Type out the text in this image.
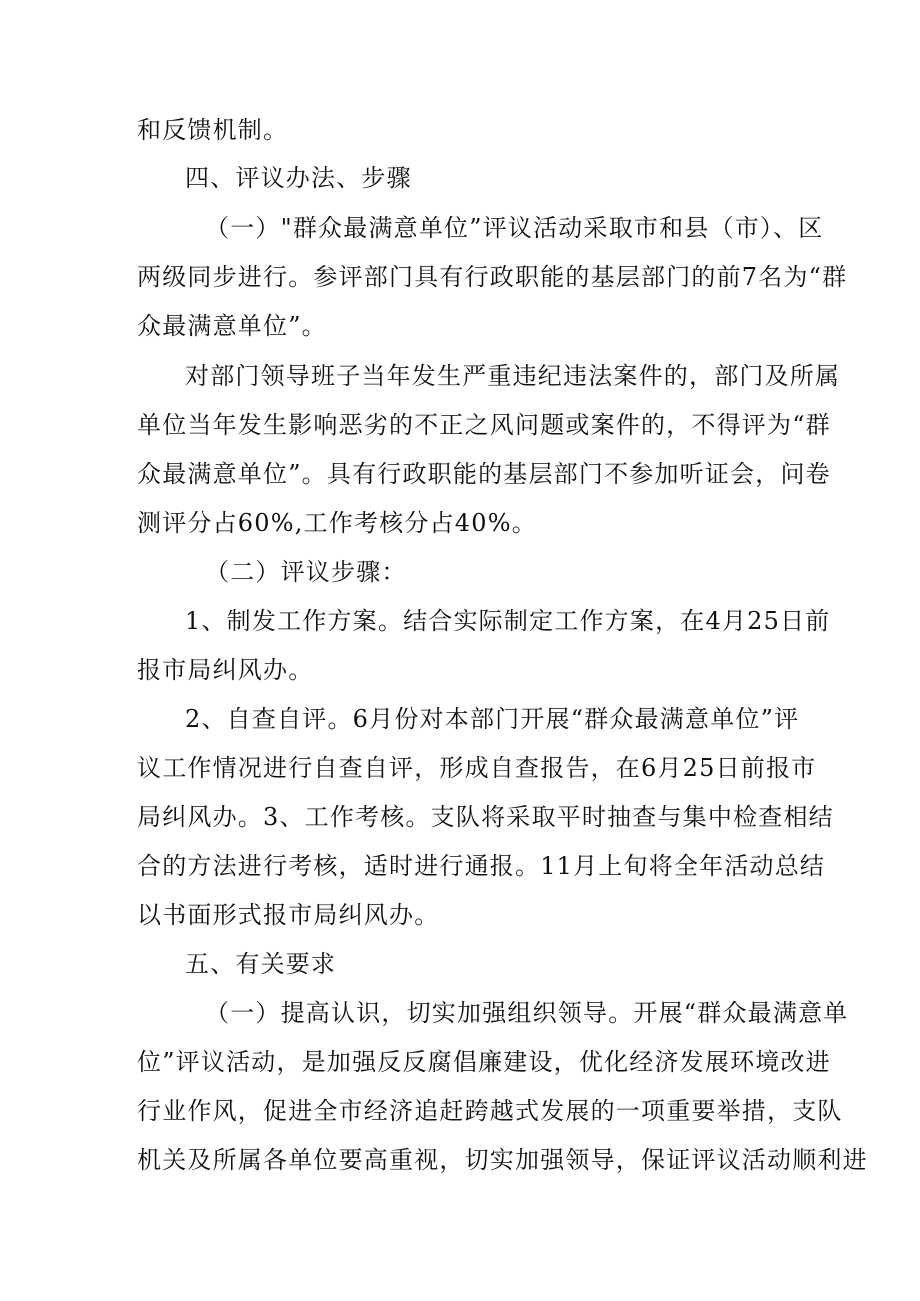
和反馈机制。
四、评议办法、步骤
（一）"群众最满意单位”评议活动采取市和县（市）、区
两级同步进行。参评部门具有行政职能的基层部门的前7名为“群
众最满意单位”。
对部门领导班子当年发生严重违纪违法案件的，部门及所属
单位当年发生影响恶劣的不正之风问题或案件的，不得评为“群
众最满意单位”。具有行政职能的基层部门不参加听证会，问卷
测评分占60%,工作考核分占40%。
（二）评议步骤：
1、制发工作方案。结合实际制定工作方案，在4月25日前
报市局纠风办。
2、自查自评。6月份对本部门开展“群众最满意单位”评
议工作情况进行自查自评，形成自查报告，在6月25日前报市
局纠风办。3、工作考核。支队将采取平时抽查与集中检查相结
合的方法进行考核，适时进行通报。11月上旬将全年活动总结
以书面形式报市局纠风办。
五、有关要求
（一）提高认识，切实加强组织领导。开展“群众最满意单
位”评议活动，是加强反反腐倡廉建设，优化经济发展环境改进
行业作风，促进全市经济追赶跨越式发展的一项重要举措，支队
机关及所属各单位要高重视，切实加强领导，保证评议活动顺利进
